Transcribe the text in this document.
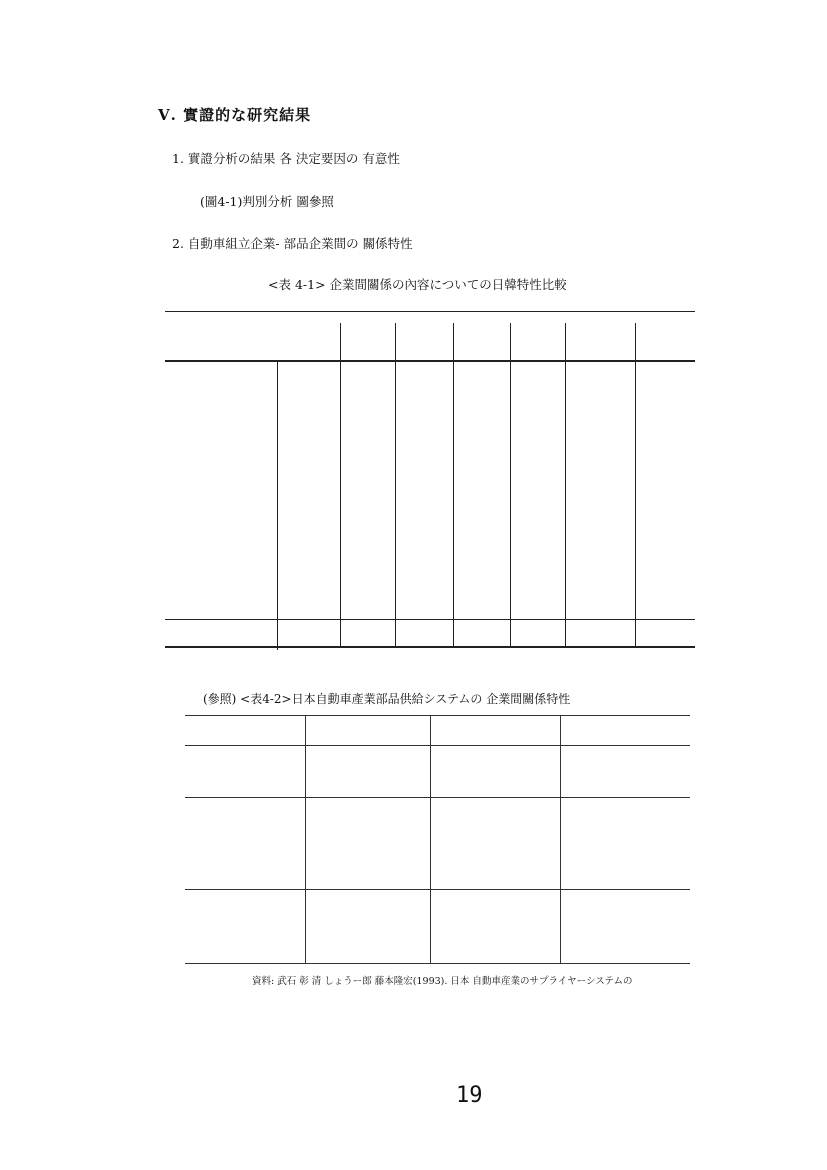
Ⅴ. 實證的な研究結果
1. 實證分析の結果 各 決定要因の 有意性
(圖4-1)判別分析 圖參照
2. 自動車組立企業- 部品企業間の 關係特性
<表 4-1> 企業間關係の內容についての日韓特性比較
(參照) <表4-2>日本自動車產業部品供給システムの 企業間關係特性
資料: 武石 彰 清 しょうー郎 藤本隆宏(1993). 日本 自動車産業のサプライヤーシステムの
19
